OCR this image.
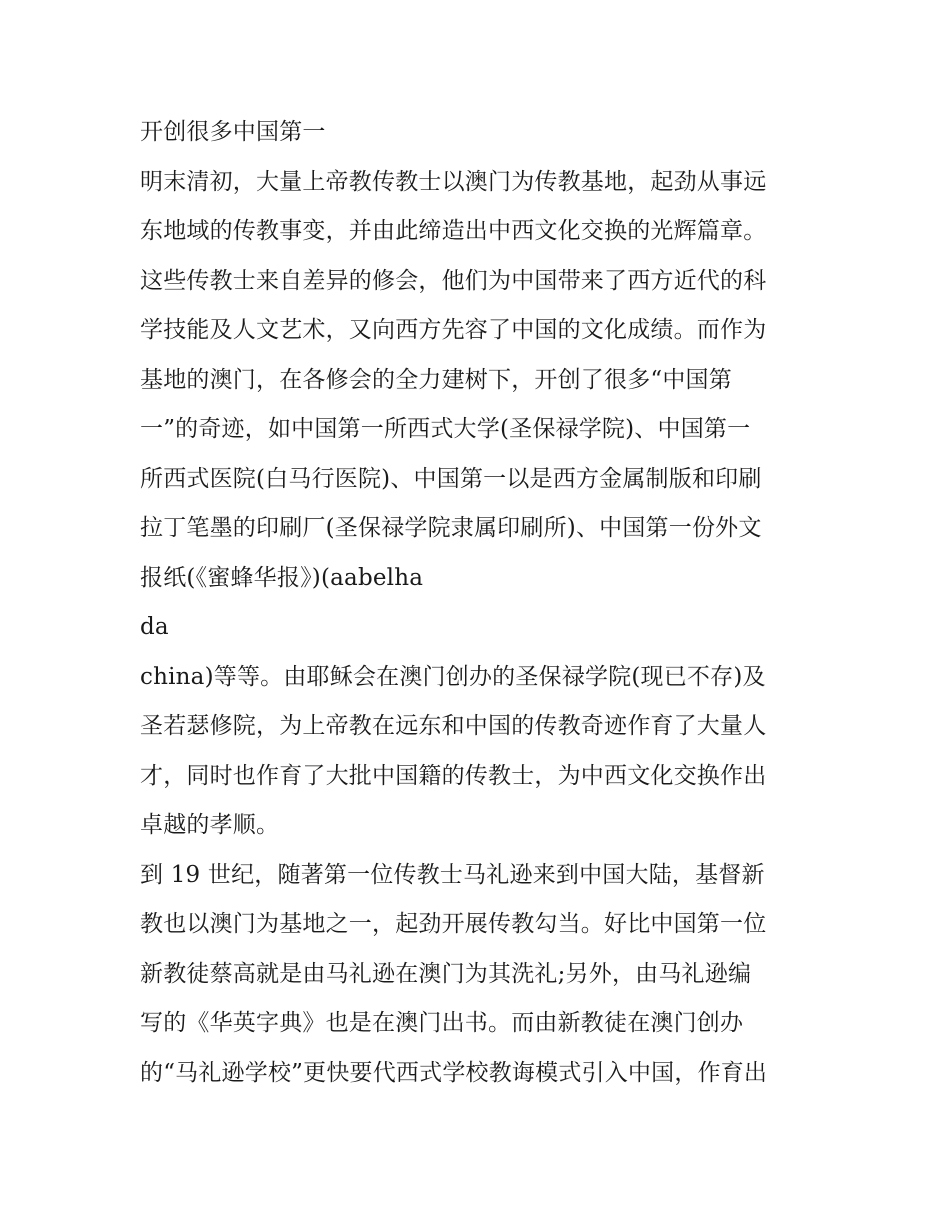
开创很多中国第一
明末清初，大量上帝教传教士以澳门为传教基地，起劲从事远
东地域的传教事变，并由此缔造出中西文化交换的光辉篇章。
这些传教士来自差异的修会，他们为中国带来了西方近代的科
学技能及人文艺术，又向西方先容了中国的文化成绩。而作为
基地的澳门，在各修会的全力建树下，开创了很多“中国第
一”的奇迹，如中国第一所西式大学(圣保禄学院)、中国第一
所西式医院(白马行医院)、中国第一以是西方金属制版和印刷
拉丁笔墨的印刷厂(圣保禄学院隶属印刷所)、中国第一份外文
报纸(《蜜蜂华报》)(aabelha
da
china)等等。由耶稣会在澳门创办的圣保禄学院(现已不存)及
圣若瑟修院，为上帝教在远东和中国的传教奇迹作育了大量人
才，同时也作育了大批中国籍的传教士，为中西文化交换作出
卓越的孝顺。
到 19 世纪，随著第一位传教士马礼逊来到中国大陆，基督新
教也以澳门为基地之一，起劲开展传教勾当。好比中国第一位
新教徒蔡高就是由马礼逊在澳门为其洗礼;另外，由马礼逊编
写的《华英字典》也是在澳门出书。而由新教徒在澳门创办
的“马礼逊学校”更快要代西式学校教诲模式引入中国，作育出
